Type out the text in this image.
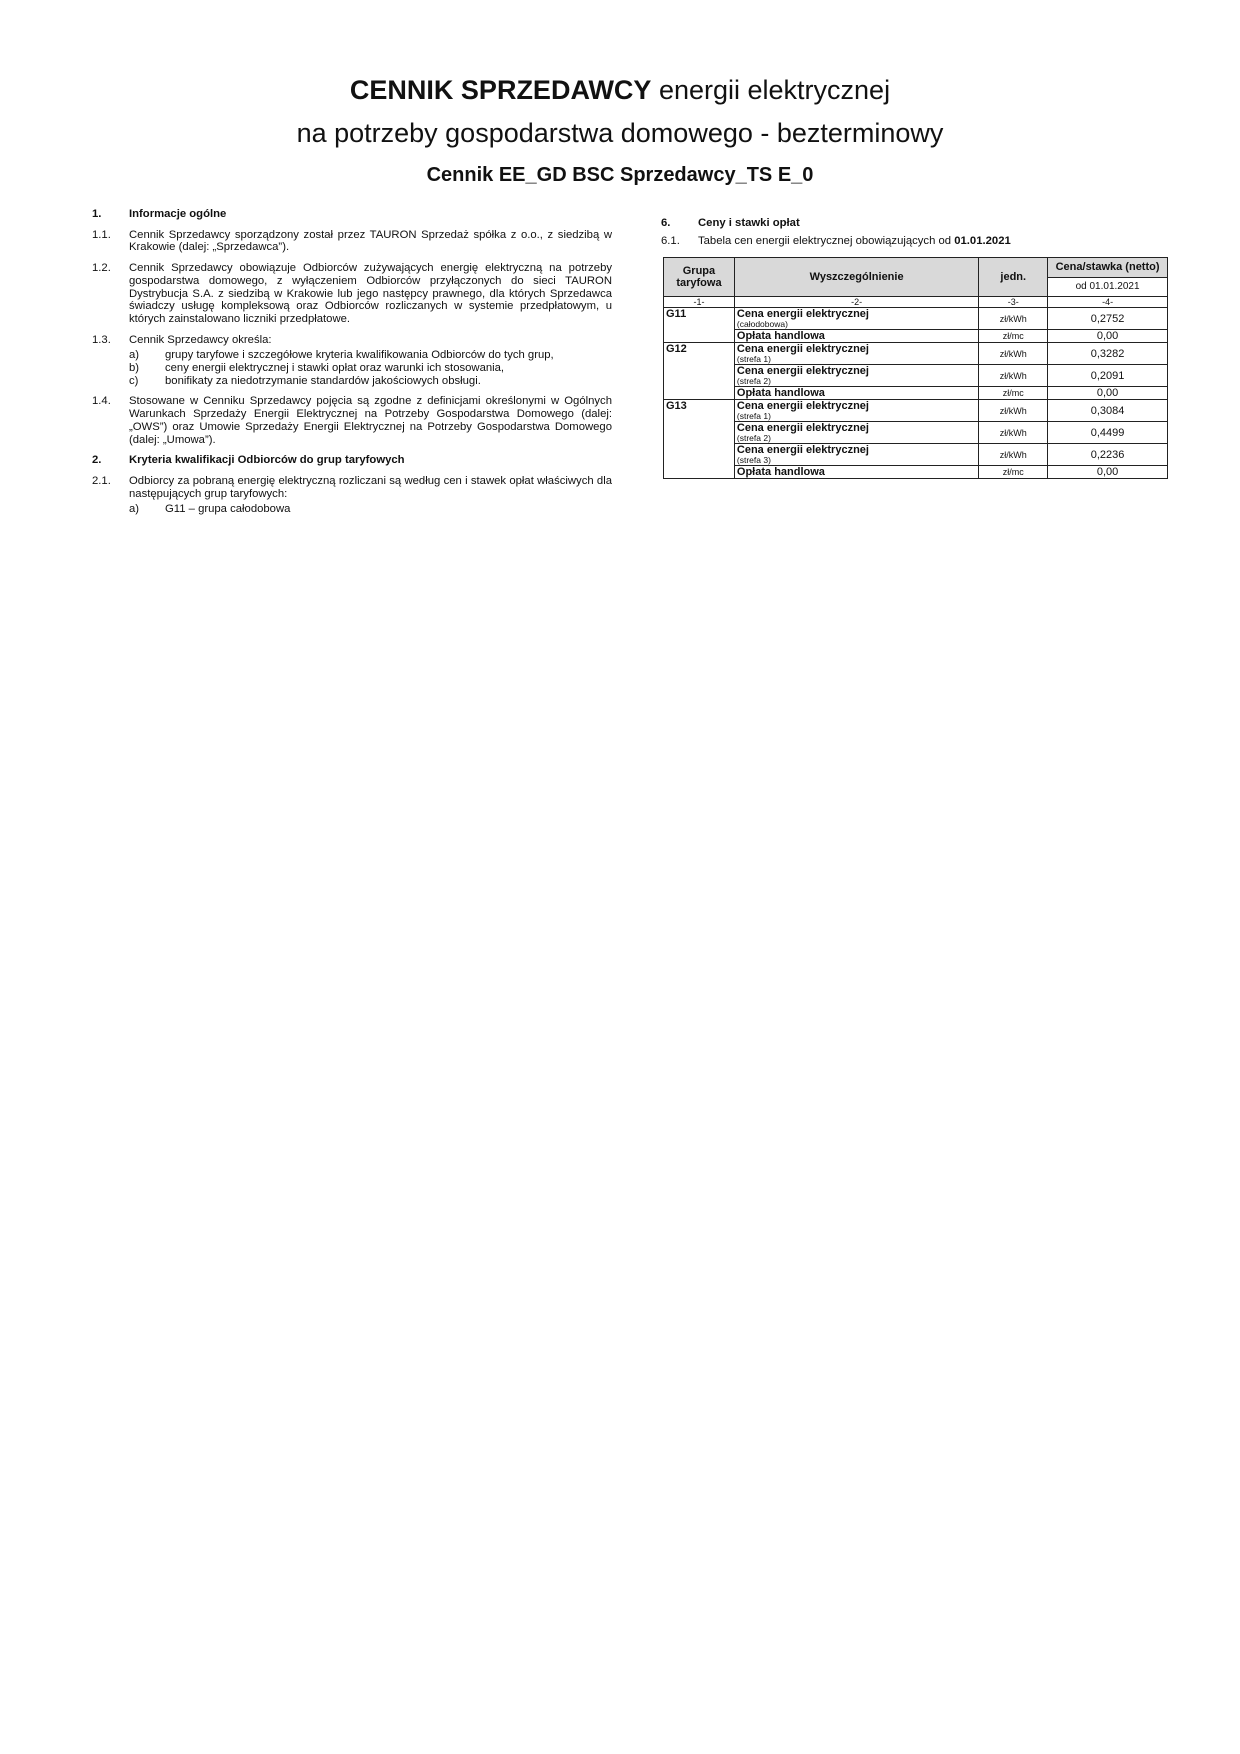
CENNIK SPRZEDAWCY energii elektrycznej
na potrzeby gospodarstwa domowego - bezterminowy
Cennik EE_GD BSC Sprzedawcy_TS E_0
1.	Informacje ogólne
1.1.	Cennik Sprzedawcy sporządzony został przez TAURON Sprzedaż spółka z o.o., z siedzibą w Krakowie (dalej: „Sprzedawca”).
1.2.	Cennik Sprzedawcy obowiązuje Odbiorców zużywających energię elektryczną na potrzeby gospodarstwa domowego, z wyłączeniem Odbiorców przyłączonych do sieci TAURON Dystrybucja S.A. z siedzibą w Krakowie lub jego następcy prawnego, dla których Sprzedawca świadczy usługę kompleksową oraz Odbiorców rozliczanych w systemie przedpłatowym, u których zainstalowano liczniki przedpłatowe.
1.3.	Cennik Sprzedawcy określa:
a)	grupy taryfowe i szczegółowe kryteria kwalifikowania Odbiorców do tych grup,
b)	ceny energii elektrycznej i stawki opłat oraz warunki ich stosowania,
c)	bonifikaty za niedotrzymanie standardów jakościowych obsługi.
1.4.	Stosowane w Cenniku Sprzedawcy pojęcia są zgodne z definicjami określonymi w Ogólnych Warunkach Sprzedaży Energii Elektrycznej na Potrzeby Gospodarstwa Domowego (dalej: „OWS”) oraz Umowie Sprzedaży Energii Elektrycznej na Potrzeby Gospodarstwa Domowego (dalej: „Umowa”).
2.	Kryteria kwalifikacji Odbiorców do grup taryfowych
2.1.	Odbiorcy za pobraną energię elektryczną rozliczani są według cen i stawek opłat właściwych dla następujących grup taryfowych:
a)	G11 – grupa całodobowa
6.	Ceny i stawki opłat
6.1.	Tabela cen energii elektrycznej obowiązujących od 01.01.2021
Grupa taryfowa	Wyszczególnienie	jedn.	Cena/stawka (netto)
			od 01.01.2021
-1-	-2-	-3-	-4-
G11	Cena energii elektrycznej
(całodobowa)	zł/kWh	0,2752

	Opłata handlowa	zł/mc	0,00
G12	Cena energii elektrycznej
(strefa 1)	zł/kWh	0,3282

	Cena energii elektrycznej
(strefa 2)	zł/kWh	0,2091

	Opłata handlowa	zł/mc	0,00
G13	Cena energii elektrycznej
(strefa 1)	zł/kWh	0,3084

	Cena energii elektrycznej
(strefa 2)	zł/kWh	0,4499

	Cena energii elektrycznej
(strefa 3)	zł/kWh	0,2236

	Opłata handlowa	zł/mc	0,00
